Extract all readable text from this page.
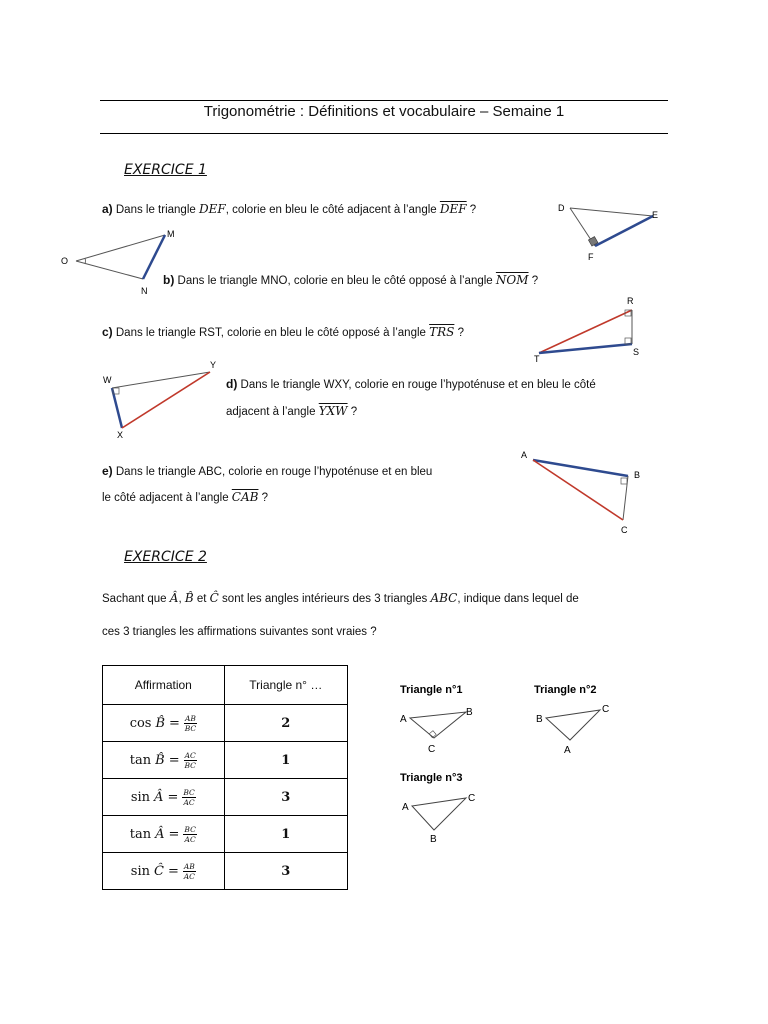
Trigonométrie : Définitions et vocabulaire – Semaine 1
EXERCICE 1
a) Dans le triangle DEF, colorie en bleu le côté adjacent à l’angle $\overline{DEF}$ ?	D
E
F
O
M
N
b) Dans le triangle MNO, colorie en bleu le côté opposé à l’angle $\overline{NOM}$ ?
c) Dans le triangle RST, colorie en bleu le côté opposé à l’angle $\overline{TRS}$ ?
R
S
T
W
Y
X
d) Dans le triangle WXY, colorie en rouge l’hypoténuse et en bleu le côté
adjacent à l’angle $\overline{YXW}$ ?
e) Dans le triangle ABC, colorie en rouge l’hypoténuse et en bleu
le côté adjacent à l’angle $\overline{CAB}$ ?
A
B
C
EXERCICE 2
Sachant que Â, B̂ et Ĉ sont les angles intérieurs des 3 triangles ABC, indique dans lequel de
ces 3 triangles les affirmations suivantes sont vraies ?
Affirmation	Triangle n° …

cos B̂ = $\frac{AB}{BC}$	2

tan B̂ = $\frac{AC}{BC}$	1

sin Â = $\frac{BC}{AC}$	3

tan Â = $\frac{BC}{AC}$	1

sin Ĉ = $\frac{AB}{AC}$	3
Triangle n°1
A
B
C
Triangle n°2
B
C
A
Triangle n°3
A
C
B
